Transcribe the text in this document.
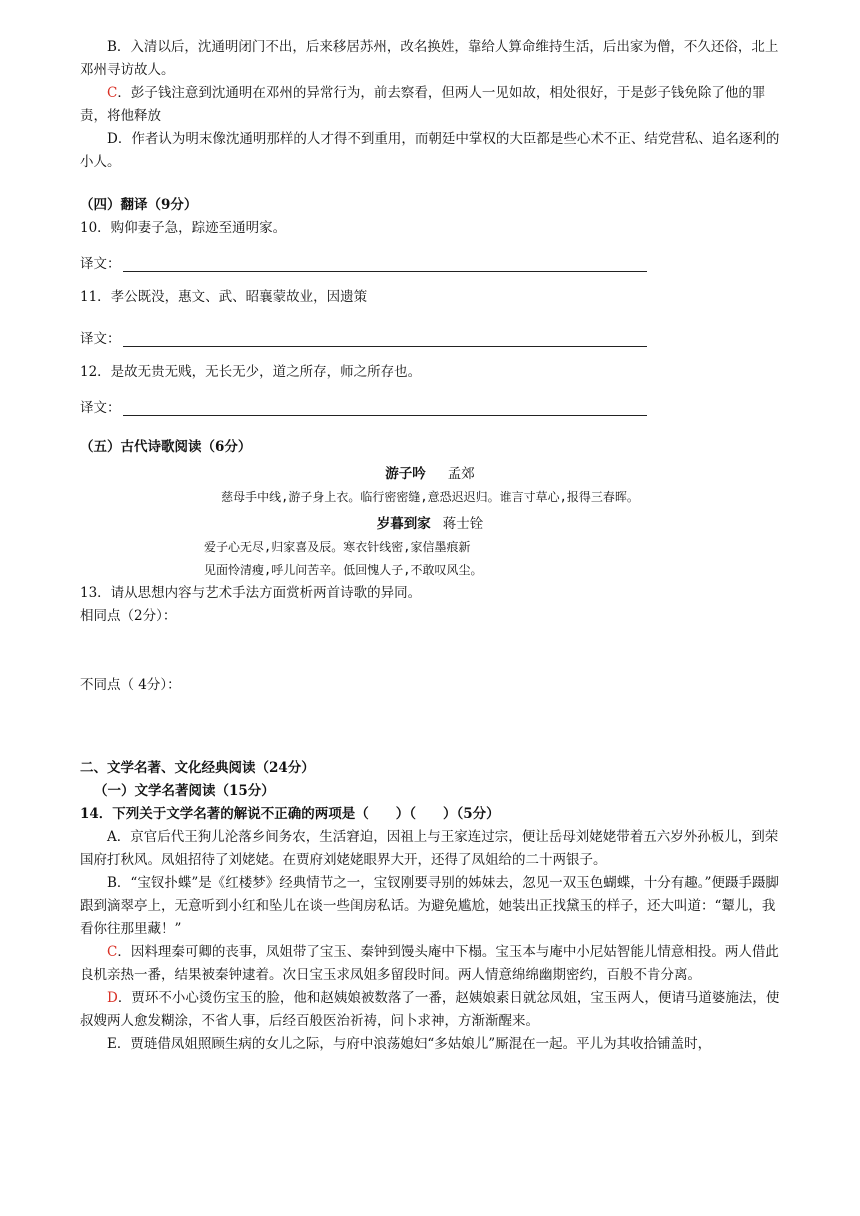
B．入清以后，沈通明闭门不出，后来移居苏州，改名换姓，靠给人算命维持生活，后出家为僧，不久还俗，北上邓州寻访故人。

C．彭子钱注意到沈通明在邓州的异常行为，前去察看，但两人一见如故，相处很好，于是彭子钱免除了他的罪责，将他释放

D．作者认为明末像沈通明那样的人才得不到重用，而朝廷中掌权的大臣都是些心术不正、结党营私、追名逐利的小人。

（四）翻译（9分）

10．购仰妻子急，踪迹至通明家。

译文：

11．孝公既没，惠文、武、昭襄蒙故业，因遗策

译文：

12．是故无贵无贱，无长无少，道之所存，师之所存也。

译文：

（五）古代诗歌阅读（6分）

游子吟 孟郊

慈母手中线,游子身上衣。临行密密缝,意恐迟迟归。谁言寸草心,报得三春晖。

岁暮到家 蒋士铨

爱子心无尽,归家喜及辰。寒衣针线密,家信墨痕新

见面怜清瘦,呼儿问苦辛。低回愧人子,不敢叹风尘。

13．请从思想内容与艺术手法方面赏析两首诗歌的异同。

相同点（2分）：

不同点（ 4分）：

二、文学名著、文化经典阅读（24分）

（一）文学名著阅读（15分）

14．下列关于文学名著的解说不正确的两项是（　　）（　　）（5分）

A．京官后代王狗儿沦落乡间务农，生活窘迫，因祖上与王家连过宗，便让岳母刘姥姥带着五六岁外孙板儿，到荣国府打秋风。凤姐招待了刘姥姥。在贾府刘姥姥眼界大开，还得了凤姐给的二十两银子。

B．“宝钗扑蝶”是《红楼梦》经典情节之一，宝钗刚要寻别的姊妹去，忽见一双玉色蝴蝶，十分有趣。”便蹑手蹑脚跟到滴翠亭上，无意听到小红和坠儿在谈一些闺房私话。为避免尴尬，她装出正找黛玉的样子，还大叫道：“颦儿，我看你往那里藏！”

C．因料理秦可卿的丧事，凤姐带了宝玉、秦钟到馒头庵中下榻。宝玉本与庵中小尼姑智能儿情意相投。两人借此良机亲热一番，结果被秦钟逮着。次日宝玉求凤姐多留段时间。两人情意绵绵幽期密约，百般不肯分离。

D．贾环不小心烫伤宝玉的脸，他和赵姨娘被数落了一番，赵姨娘素日就忿凤姐，宝玉两人，便请马道婆施法，使叔嫂两人愈发糊涂，不省人事，后经百般医治祈祷，问卜求神，方渐渐醒来。

E．贾琏借凤姐照顾生病的女儿之际，与府中浪荡媳妇“多姑娘儿”厮混在一起。平儿为其收拾铺盖时，
